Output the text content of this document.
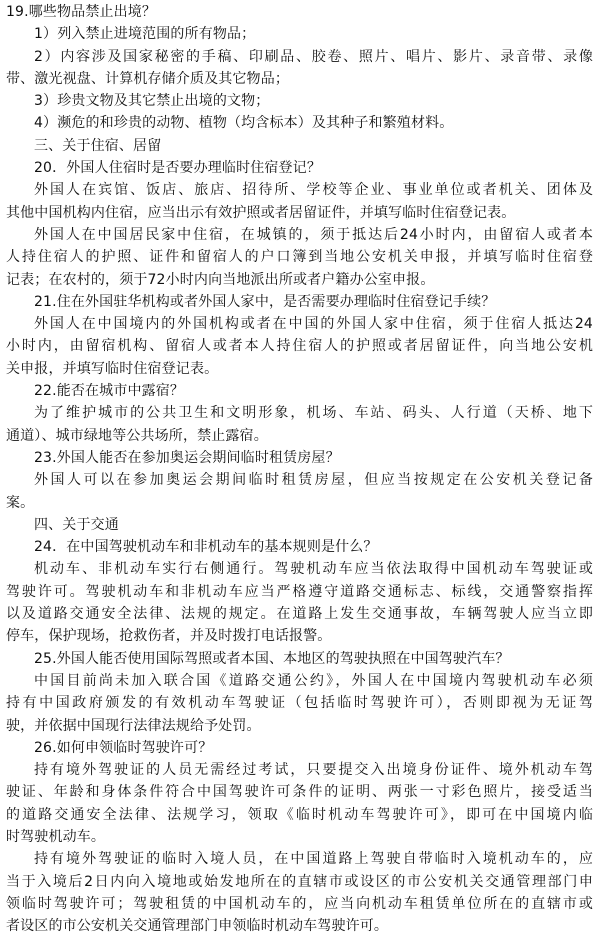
19.哪些物品禁止出境？
1）列入禁止进境范围的所有物品；
2）内容涉及国家秘密的手稿、印刷品、胶卷、照片、唱片、影片、录音带、录像
带、激光视盘、计算机存储介质及其它物品；
3）珍贵文物及其它禁止出境的文物；
4）濒危的和珍贵的动物、植物（均含标本）及其种子和繁殖材料。
三、关于住宿、居留
20．外国人住宿时是否要办理临时住宿登记？
外国人在宾馆、饭店、旅店、招待所、学校等企业、事业单位或者机关、团体及
其他中国机构内住宿，应当出示有效护照或者居留证件，并填写临时住宿登记表。
外国人在中国居民家中住宿，在城镇的，须于抵达后24小时内，由留宿人或者本
人持住宿人的护照、证件和留宿人的户口簿到当地公安机关申报，并填写临时住宿登
记表；在农村的，须于72小时内向当地派出所或者户籍办公室申报。
21.住在外国驻华机构或者外国人家中，是否需要办理临时住宿登记手续？
外国人在中国境内的外国机构或者在中国的外国人家中住宿，须于住宿人抵达24
小时内，由留宿机构、留宿人或者本人持住宿人的护照或者居留证件，向当地公安机
关申报，并填写临时住宿登记表。
22.能否在城市中露宿？
为了维护城市的公共卫生和文明形象，机场、车站、码头、人行道（天桥、地下
通道）、城市绿地等公共场所，禁止露宿。
23.外国人能否在参加奥运会期间临时租赁房屋？
外国人可以在参加奥运会期间临时租赁房屋，但应当按规定在公安机关登记备
案。
四、关于交通
24．在中国驾驶机动车和非机动车的基本规则是什么？
机动车、非机动车实行右侧通行。驾驶机动车应当依法取得中国机动车驾驶证或
驾驶许可。驾驶机动车和非机动车应当严格遵守道路交通标志、标线，交通警察指挥
以及道路交通安全法律、法规的规定。在道路上发生交通事故，车辆驾驶人应当立即
停车，保护现场，抢救伤者，并及时拨打电话报警。
25.外国人能否使用国际驾照或者本国、本地区的驾驶执照在中国驾驶汽车？
中国目前尚未加入联合国《道路交通公约》，外国人在中国境内驾驶机动车必须
持有中国政府颁发的有效机动车驾驶证（包括临时驾驶许可），否则即视为无证驾
驶，并依据中国现行法律法规给予处罚。
26.如何申领临时驾驶许可？
持有境外驾驶证的人员无需经过考试，只要提交入出境身份证件、境外机动车驾
驶证、年龄和身体条件符合中国驾驶许可条件的证明、两张一寸彩色照片，接受适当
的道路交通安全法律、法规学习，领取《临时机动车驾驶许可》，即可在中国境内临
时驾驶机动车。
持有境外驾驶证的临时入境人员，在中国道路上驾驶自带临时入境机动车的，应
当于入境后2日内向入境地或始发地所在的直辖市或设区的市公安机关交通管理部门申
领临时驾驶许可；驾驶租赁的中国机动车的，应当向机动车租赁单位所在的直辖市或
者设区的市公安机关交通管理部门申领临时机动车驾驶许可。
